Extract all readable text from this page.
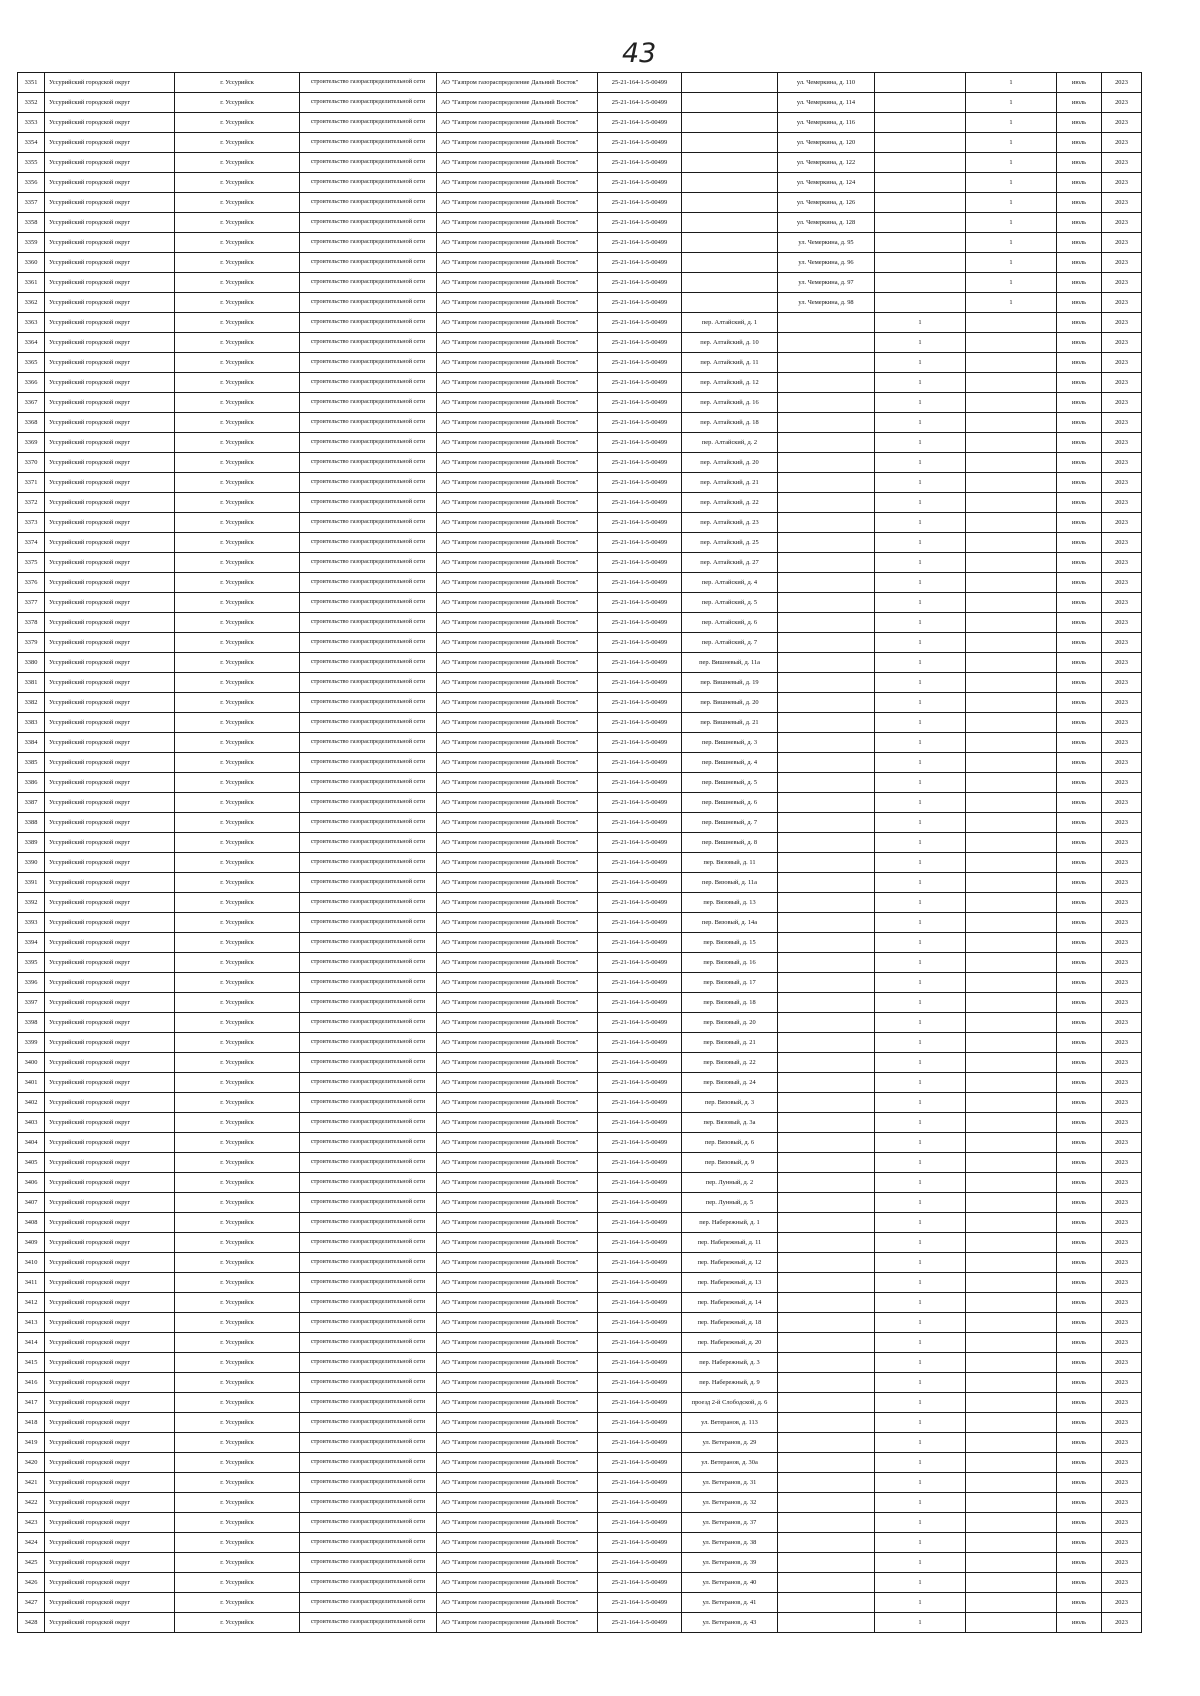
43
3351	Уссурийский городской округ	г. Уссурийск	строительство газораспределительной сети	АО "Газпром газораспределение Дальний Восток"	25-21-164-1-5-00499		ул. Чемеркина, д. 110		1	июль	2023
3352	Уссурийский городской округ	г. Уссурийск	строительство газораспределительной сети	АО "Газпром газораспределение Дальний Восток"	25-21-164-1-5-00499		ул. Чемеркина, д. 114		1	июль	2023
3353	Уссурийский городской округ	г. Уссурийск	строительство газораспределительной сети	АО "Газпром газораспределение Дальний Восток"	25-21-164-1-5-00499		ул. Чемеркина, д. 116		1	июль	2023
3354	Уссурийский городской округ	г. Уссурийск	строительство газораспределительной сети	АО "Газпром газораспределение Дальний Восток"	25-21-164-1-5-00499		ул. Чемеркина, д. 120		1	июль	2023
3355	Уссурийский городской округ	г. Уссурийск	строительство газораспределительной сети	АО "Газпром газораспределение Дальний Восток"	25-21-164-1-5-00499		ул. Чемеркина, д. 122		1	июль	2023
3356	Уссурийский городской округ	г. Уссурийск	строительство газораспределительной сети	АО "Газпром газораспределение Дальний Восток"	25-21-164-1-5-00499		ул. Чемеркина, д. 124		1	июль	2023
3357	Уссурийский городской округ	г. Уссурийск	строительство газораспределительной сети	АО "Газпром газораспределение Дальний Восток"	25-21-164-1-5-00499		ул. Чемеркина, д. 126		1	июль	2023
3358	Уссурийский городской округ	г. Уссурийск	строительство газораспределительной сети	АО "Газпром газораспределение Дальний Восток"	25-21-164-1-5-00499		ул. Чемеркина, д. 128		1	июль	2023
3359	Уссурийский городской округ	г. Уссурийск	строительство газораспределительной сети	АО "Газпром газораспределение Дальний Восток"	25-21-164-1-5-00499		ул. Чемеркина, д. 95		1	июль	2023
3360	Уссурийский городской округ	г. Уссурийск	строительство газораспределительной сети	АО "Газпром газораспределение Дальний Восток"	25-21-164-1-5-00499		ул. Чемеркина, д. 96		1	июль	2023
3361	Уссурийский городской округ	г. Уссурийск	строительство газораспределительной сети	АО "Газпром газораспределение Дальний Восток"	25-21-164-1-5-00499		ул. Чемеркина, д. 97		1	июль	2023
3362	Уссурийский городской округ	г. Уссурийск	строительство газораспределительной сети	АО "Газпром газораспределение Дальний Восток"	25-21-164-1-5-00499		ул. Чемеркина, д. 98		1	июль	2023
3363	Уссурийский городской округ	г. Уссурийск	строительство газораспределительной сети	АО "Газпром газораспределение Дальний Восток"	25-21-164-1-5-00499	пер. Алтайский, д. 1		1		июль	2023
3364	Уссурийский городской округ	г. Уссурийск	строительство газораспределительной сети	АО "Газпром газораспределение Дальний Восток"	25-21-164-1-5-00499	пер. Алтайский, д. 10		1		июль	2023
3365	Уссурийский городской округ	г. Уссурийск	строительство газораспределительной сети	АО "Газпром газораспределение Дальний Восток"	25-21-164-1-5-00499	пер. Алтайский, д. 11		1		июль	2023
3366	Уссурийский городской округ	г. Уссурийск	строительство газораспределительной сети	АО "Газпром газораспределение Дальний Восток"	25-21-164-1-5-00499	пер. Алтайский, д. 12		1		июль	2023
3367	Уссурийский городской округ	г. Уссурийск	строительство газораспределительной сети	АО "Газпром газораспределение Дальний Восток"	25-21-164-1-5-00499	пер. Алтайский, д. 16		1		июль	2023
3368	Уссурийский городской округ	г. Уссурийск	строительство газораспределительной сети	АО "Газпром газораспределение Дальний Восток"	25-21-164-1-5-00499	пер. Алтайский, д. 18		1		июль	2023
3369	Уссурийский городской округ	г. Уссурийск	строительство газораспределительной сети	АО "Газпром газораспределение Дальний Восток"	25-21-164-1-5-00499	пер. Алтайский, д. 2		1		июль	2023
3370	Уссурийский городской округ	г. Уссурийск	строительство газораспределительной сети	АО "Газпром газораспределение Дальний Восток"	25-21-164-1-5-00499	пер. Алтайский, д. 20		1		июль	2023
3371	Уссурийский городской округ	г. Уссурийск	строительство газораспределительной сети	АО "Газпром газораспределение Дальний Восток"	25-21-164-1-5-00499	пер. Алтайский, д. 21		1		июль	2023
3372	Уссурийский городской округ	г. Уссурийск	строительство газораспределительной сети	АО "Газпром газораспределение Дальний Восток"	25-21-164-1-5-00499	пер. Алтайский, д. 22		1		июль	2023
3373	Уссурийский городской округ	г. Уссурийск	строительство газораспределительной сети	АО "Газпром газораспределение Дальний Восток"	25-21-164-1-5-00499	пер. Алтайский, д. 23		1		июль	2023
3374	Уссурийский городской округ	г. Уссурийск	строительство газораспределительной сети	АО "Газпром газораспределение Дальний Восток"	25-21-164-1-5-00499	пер. Алтайский, д. 25		1		июль	2023
3375	Уссурийский городской округ	г. Уссурийск	строительство газораспределительной сети	АО "Газпром газораспределение Дальний Восток"	25-21-164-1-5-00499	пер. Алтайский, д. 27		1		июль	2023
3376	Уссурийский городской округ	г. Уссурийск	строительство газораспределительной сети	АО "Газпром газораспределение Дальний Восток"	25-21-164-1-5-00499	пер. Алтайский, д. 4		1		июль	2023
3377	Уссурийский городской округ	г. Уссурийск	строительство газораспределительной сети	АО "Газпром газораспределение Дальний Восток"	25-21-164-1-5-00499	пер. Алтайский, д. 5		1		июль	2023
3378	Уссурийский городской округ	г. Уссурийск	строительство газораспределительной сети	АО "Газпром газораспределение Дальний Восток"	25-21-164-1-5-00499	пер. Алтайский, д. 6		1		июль	2023
3379	Уссурийский городской округ	г. Уссурийск	строительство газораспределительной сети	АО "Газпром газораспределение Дальний Восток"	25-21-164-1-5-00499	пер. Алтайский, д. 7		1		июль	2023
3380	Уссурийский городской округ	г. Уссурийск	строительство газораспределительной сети	АО "Газпром газораспределение Дальний Восток"	25-21-164-1-5-00499	пер. Вишневый, д. 11а		1		июль	2023
3381	Уссурийский городской округ	г. Уссурийск	строительство газораспределительной сети	АО "Газпром газораспределение Дальний Восток"	25-21-164-1-5-00499	пер. Вишневый, д. 19		1		июль	2023
3382	Уссурийский городской округ	г. Уссурийск	строительство газораспределительной сети	АО "Газпром газораспределение Дальний Восток"	25-21-164-1-5-00499	пер. Вишневый, д. 20		1		июль	2023
3383	Уссурийский городской округ	г. Уссурийск	строительство газораспределительной сети	АО "Газпром газораспределение Дальний Восток"	25-21-164-1-5-00499	пер. Вишневый, д. 21		1		июль	2023
3384	Уссурийский городской округ	г. Уссурийск	строительство газораспределительной сети	АО "Газпром газораспределение Дальний Восток"	25-21-164-1-5-00499	пер. Вишневый, д. 3		1		июль	2023
3385	Уссурийский городской округ	г. Уссурийск	строительство газораспределительной сети	АО "Газпром газораспределение Дальний Восток"	25-21-164-1-5-00499	пер. Вишневый, д. 4		1		июль	2023
3386	Уссурийский городской округ	г. Уссурийск	строительство газораспределительной сети	АО "Газпром газораспределение Дальний Восток"	25-21-164-1-5-00499	пер. Вишневый, д. 5		1		июль	2023
3387	Уссурийский городской округ	г. Уссурийск	строительство газораспределительной сети	АО "Газпром газораспределение Дальний Восток"	25-21-164-1-5-00499	пер. Вишневый, д. 6		1		июль	2023
3388	Уссурийский городской округ	г. Уссурийск	строительство газораспределительной сети	АО "Газпром газораспределение Дальний Восток"	25-21-164-1-5-00499	пер. Вишневый, д. 7		1		июль	2023
3389	Уссурийский городской округ	г. Уссурийск	строительство газораспределительной сети	АО "Газпром газораспределение Дальний Восток"	25-21-164-1-5-00499	пер. Вишневый, д. 8		1		июль	2023
3390	Уссурийский городской округ	г. Уссурийск	строительство газораспределительной сети	АО "Газпром газораспределение Дальний Восток"	25-21-164-1-5-00499	пер. Вязовый, д. 11		1		июль	2023
3391	Уссурийский городской округ	г. Уссурийск	строительство газораспределительной сети	АО "Газпром газораспределение Дальний Восток"	25-21-164-1-5-00499	пер. Вязовый, д. 11а		1		июль	2023
3392	Уссурийский городской округ	г. Уссурийск	строительство газораспределительной сети	АО "Газпром газораспределение Дальний Восток"	25-21-164-1-5-00499	пер. Вязовый, д. 13		1		июль	2023
3393	Уссурийский городской округ	г. Уссурийск	строительство газораспределительной сети	АО "Газпром газораспределение Дальний Восток"	25-21-164-1-5-00499	пер. Вязовый, д. 14а		1		июль	2023
3394	Уссурийский городской округ	г. Уссурийск	строительство газораспределительной сети	АО "Газпром газораспределение Дальний Восток"	25-21-164-1-5-00499	пер. Вязовый, д. 15		1		июль	2023
3395	Уссурийский городской округ	г. Уссурийск	строительство газораспределительной сети	АО "Газпром газораспределение Дальний Восток"	25-21-164-1-5-00499	пер. Вязовый, д. 16		1		июль	2023
3396	Уссурийский городской округ	г. Уссурийск	строительство газораспределительной сети	АО "Газпром газораспределение Дальний Восток"	25-21-164-1-5-00499	пер. Вязовый, д. 17		1		июль	2023
3397	Уссурийский городской округ	г. Уссурийск	строительство газораспределительной сети	АО "Газпром газораспределение Дальний Восток"	25-21-164-1-5-00499	пер. Вязовый, д. 18		1		июль	2023
3398	Уссурийский городской округ	г. Уссурийск	строительство газораспределительной сети	АО "Газпром газораспределение Дальний Восток"	25-21-164-1-5-00499	пер. Вязовый, д. 20		1		июль	2023
3399	Уссурийский городской округ	г. Уссурийск	строительство газораспределительной сети	АО "Газпром газораспределение Дальний Восток"	25-21-164-1-5-00499	пер. Вязовый, д. 21		1		июль	2023
3400	Уссурийский городской округ	г. Уссурийск	строительство газораспределительной сети	АО "Газпром газораспределение Дальний Восток"	25-21-164-1-5-00499	пер. Вязовый, д. 22		1		июль	2023
3401	Уссурийский городской округ	г. Уссурийск	строительство газораспределительной сети	АО "Газпром газораспределение Дальний Восток"	25-21-164-1-5-00499	пер. Вязовый, д. 24		1		июль	2023
3402	Уссурийский городской округ	г. Уссурийск	строительство газораспределительной сети	АО "Газпром газораспределение Дальний Восток"	25-21-164-1-5-00499	пер. Вязовый, д. 3		1		июль	2023
3403	Уссурийский городской округ	г. Уссурийск	строительство газораспределительной сети	АО "Газпром газораспределение Дальний Восток"	25-21-164-1-5-00499	пер. Вязовый, д. 3а		1		июль	2023
3404	Уссурийский городской округ	г. Уссурийск	строительство газораспределительной сети	АО "Газпром газораспределение Дальний Восток"	25-21-164-1-5-00499	пер. Вязовый, д. 6		1		июль	2023
3405	Уссурийский городской округ	г. Уссурийск	строительство газораспределительной сети	АО "Газпром газораспределение Дальний Восток"	25-21-164-1-5-00499	пер. Вязовый, д. 9		1		июль	2023
3406	Уссурийский городской округ	г. Уссурийск	строительство газораспределительной сети	АО "Газпром газораспределение Дальний Восток"	25-21-164-1-5-00499	пер. Лунный, д. 2		1		июль	2023
3407	Уссурийский городской округ	г. Уссурийск	строительство газораспределительной сети	АО "Газпром газораспределение Дальний Восток"	25-21-164-1-5-00499	пер. Лунный, д. 5		1		июль	2023
3408	Уссурийский городской округ	г. Уссурийск	строительство газораспределительной сети	АО "Газпром газораспределение Дальний Восток"	25-21-164-1-5-00499	пер. Набережный, д. 1		1		июль	2023
3409	Уссурийский городской округ	г. Уссурийск	строительство газораспределительной сети	АО "Газпром газораспределение Дальний Восток"	25-21-164-1-5-00499	пер. Набережный, д. 11		1		июль	2023
3410	Уссурийский городской округ	г. Уссурийск	строительство газораспределительной сети	АО "Газпром газораспределение Дальний Восток"	25-21-164-1-5-00499	пер. Набережный, д. 12		1		июль	2023
3411	Уссурийский городской округ	г. Уссурийск	строительство газораспределительной сети	АО "Газпром газораспределение Дальний Восток"	25-21-164-1-5-00499	пер. Набережный, д. 13		1		июль	2023
3412	Уссурийский городской округ	г. Уссурийск	строительство газораспределительной сети	АО "Газпром газораспределение Дальний Восток"	25-21-164-1-5-00499	пер. Набережный, д. 14		1		июль	2023
3413	Уссурийский городской округ	г. Уссурийск	строительство газораспределительной сети	АО "Газпром газораспределение Дальний Восток"	25-21-164-1-5-00499	пер. Набережный, д. 18		1		июль	2023
3414	Уссурийский городской округ	г. Уссурийск	строительство газораспределительной сети	АО "Газпром газораспределение Дальний Восток"	25-21-164-1-5-00499	пер. Набережный, д. 20		1		июль	2023
3415	Уссурийский городской округ	г. Уссурийск	строительство газораспределительной сети	АО "Газпром газораспределение Дальний Восток"	25-21-164-1-5-00499	пер. Набережный, д. 3		1		июль	2023
3416	Уссурийский городской округ	г. Уссурийск	строительство газораспределительной сети	АО "Газпром газораспределение Дальний Восток"	25-21-164-1-5-00499	пер. Набережный, д. 9		1		июль	2023
3417	Уссурийский городской округ	г. Уссурийск	строительство газораспределительной сети	АО "Газпром газораспределение Дальний Восток"	25-21-164-1-5-00499	проезд 2-й Слободской, д. 6		1		июль	2023
3418	Уссурийский городской округ	г. Уссурийск	строительство газораспределительной сети	АО "Газпром газораспределение Дальний Восток"	25-21-164-1-5-00499	ул. Ветеранов, д. 113		1		июль	2023
3419	Уссурийский городской округ	г. Уссурийск	строительство газораспределительной сети	АО "Газпром газораспределение Дальний Восток"	25-21-164-1-5-00499	ул. Ветеранов, д. 29		1		июль	2023
3420	Уссурийский городской округ	г. Уссурийск	строительство газораспределительной сети	АО "Газпром газораспределение Дальний Восток"	25-21-164-1-5-00499	ул. Ветеранов, д. 30а		1		июль	2023
3421	Уссурийский городской округ	г. Уссурийск	строительство газораспределительной сети	АО "Газпром газораспределение Дальний Восток"	25-21-164-1-5-00499	ул. Ветеранов, д. 31		1		июль	2023
3422	Уссурийский городской округ	г. Уссурийск	строительство газораспределительной сети	АО "Газпром газораспределение Дальний Восток"	25-21-164-1-5-00499	ул. Ветеранов, д. 32		1		июль	2023
3423	Уссурийский городской округ	г. Уссурийск	строительство газораспределительной сети	АО "Газпром газораспределение Дальний Восток"	25-21-164-1-5-00499	ул. Ветеранов, д. 37		1		июль	2023
3424	Уссурийский городской округ	г. Уссурийск	строительство газораспределительной сети	АО "Газпром газораспределение Дальний Восток"	25-21-164-1-5-00499	ул. Ветеранов, д. 38		1		июль	2023
3425	Уссурийский городской округ	г. Уссурийск	строительство газораспределительной сети	АО "Газпром газораспределение Дальний Восток"	25-21-164-1-5-00499	ул. Ветеранов, д. 39		1		июль	2023
3426	Уссурийский городской округ	г. Уссурийск	строительство газораспределительной сети	АО "Газпром газораспределение Дальний Восток"	25-21-164-1-5-00499	ул. Ветеранов, д. 40		1		июль	2023
3427	Уссурийский городской округ	г. Уссурийск	строительство газораспределительной сети	АО "Газпром газораспределение Дальний Восток"	25-21-164-1-5-00499	ул. Ветеранов, д. 41		1		июль	2023
3428	Уссурийский городской округ	г. Уссурийск	строительство газораспределительной сети	АО "Газпром газораспределение Дальний Восток"	25-21-164-1-5-00499	ул. Ветеранов, д. 43		1		июль	2023
